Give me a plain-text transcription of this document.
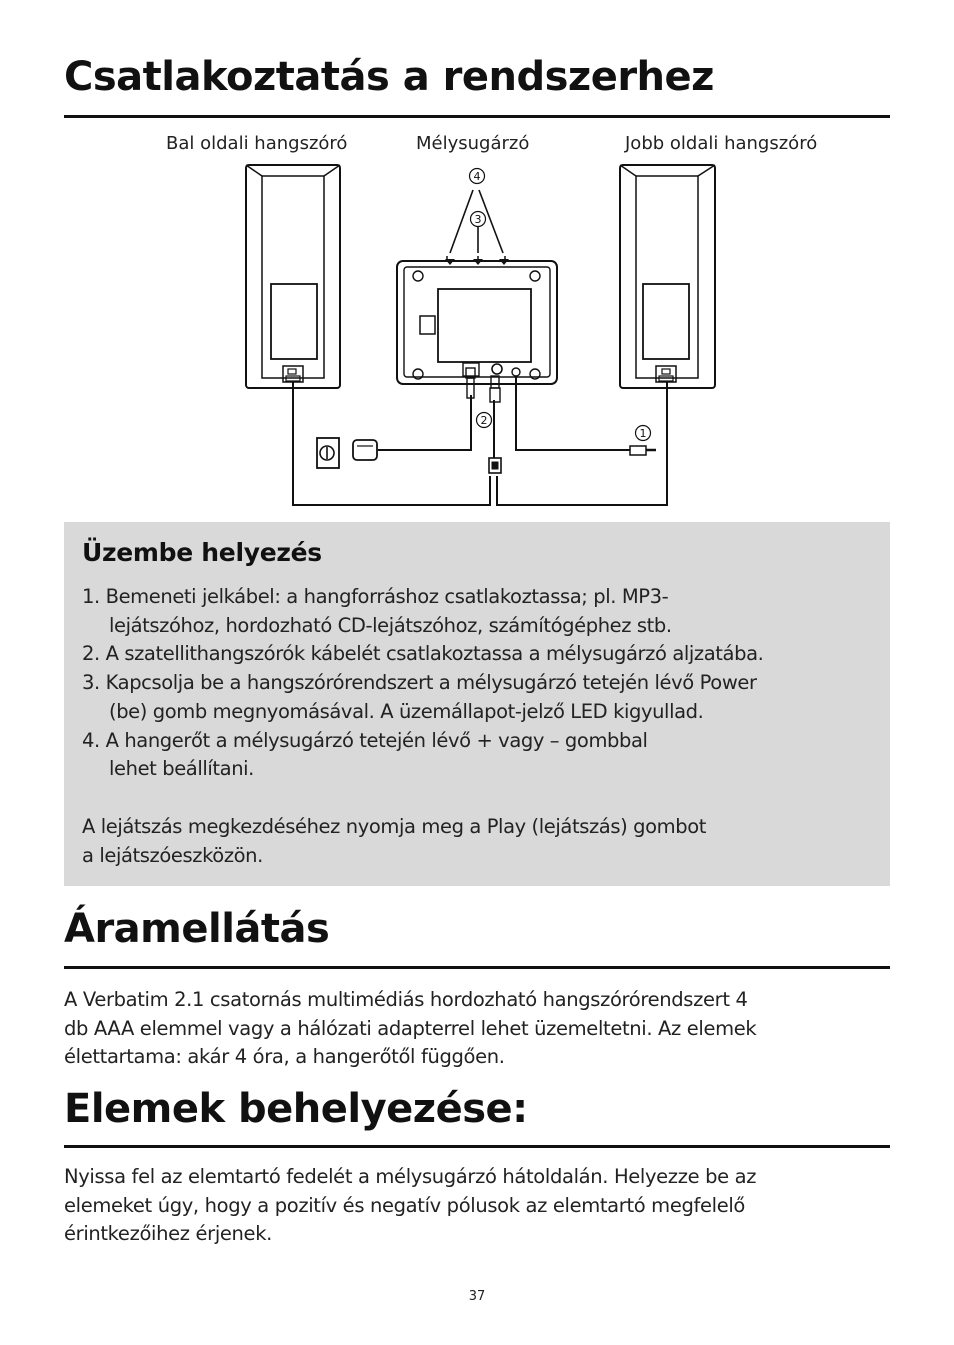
Csatlakoztatás a rendszerhez
Bal oldali hangszóró	Mélysugárzó	Jobb oldali hangszóró
4
3
2
1
Üzembe helyezés
1. Bemeneti jelkábel: a hangforráshoz csatlakoztassa; pl. MP3-
lejátszóhoz, hordozható CD-lejátszóhoz, számítógéphez stb.
2. A szatellithangszórók kábelét csatlakoztassa a mélysugárzó aljzatába.
3. Kapcsolja be a hangszórórendszert a mélysugárzó tetején lévő Power
(be) gomb megnyomásával. A üzemállapot-jelző LED kigyullad.
4. A hangerőt a mélysugárzó tetején lévő + vagy – gombbal
lehet beállítani.

A lejátszás megkezdéséhez nyomja meg a Play (lejátszás) gombot
a lejátszóeszközön.

Áramellátás

A Verbatim 2.1 csatornás multimédiás hordozható hangszórórendszert 4
db AAA elemmel vagy a hálózati adapterrel lehet üzemeltetni. Az elemek
élettartama: akár 4 óra, a hangerőtől függően.

Elemek behelyezése:

Nyissa fel az elemtartó fedelét a mélysugárzó hátoldalán. Helyezze be az
elemeket úgy, hogy a pozitív és negatív pólusok az elemtartó megfelelő
érintkezőihez érjenek.

37
